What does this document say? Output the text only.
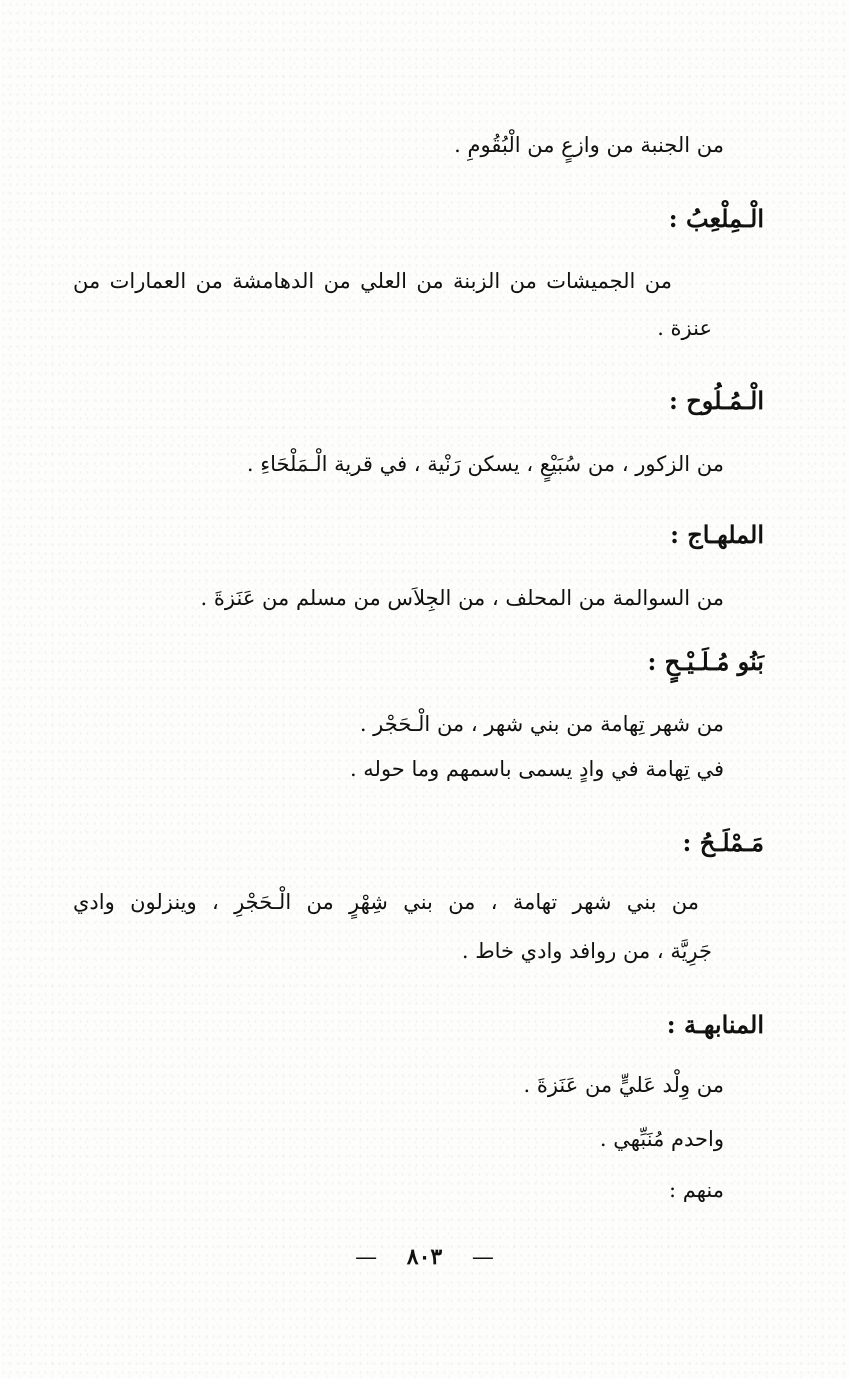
من الجنبة من وازعٍ من الْبُقُومِ .
الْـمِلْعِبُ :
من الجميشات من الزبنة من العلي من الدهامشة من العمارات من
عنزة .
الْـمُـلُوح :
من الزكور ، من سُبَيْعٍ ، يسكن رَنْية ، في قرية الْـمَلْحَاءِ .
الملهـاج :
من السوالمة من المحلف ، من الجِلاَس من مسلم من عَنَزةَ .
بَنُو مُـلَـيْـحٍ :
من شهر تِهامة من بني شهر ، من الْـحَجْر .
في تِهامة في وادٍ يسمى باسمهم وما حوله .
مَـمْلَـحُ :
من بني شهر تهامة ، من بني شِهْرٍ من الْـحَجْرِ ، وينزلون وادي
جَرِيَّة ، من روافد وادي خاط .
المنابهـة :
من وِلْد عَليٍّ من عَنَزةَ .
واحدم مُنَبِّهي .
منهم :
— ٨٠٣ —
